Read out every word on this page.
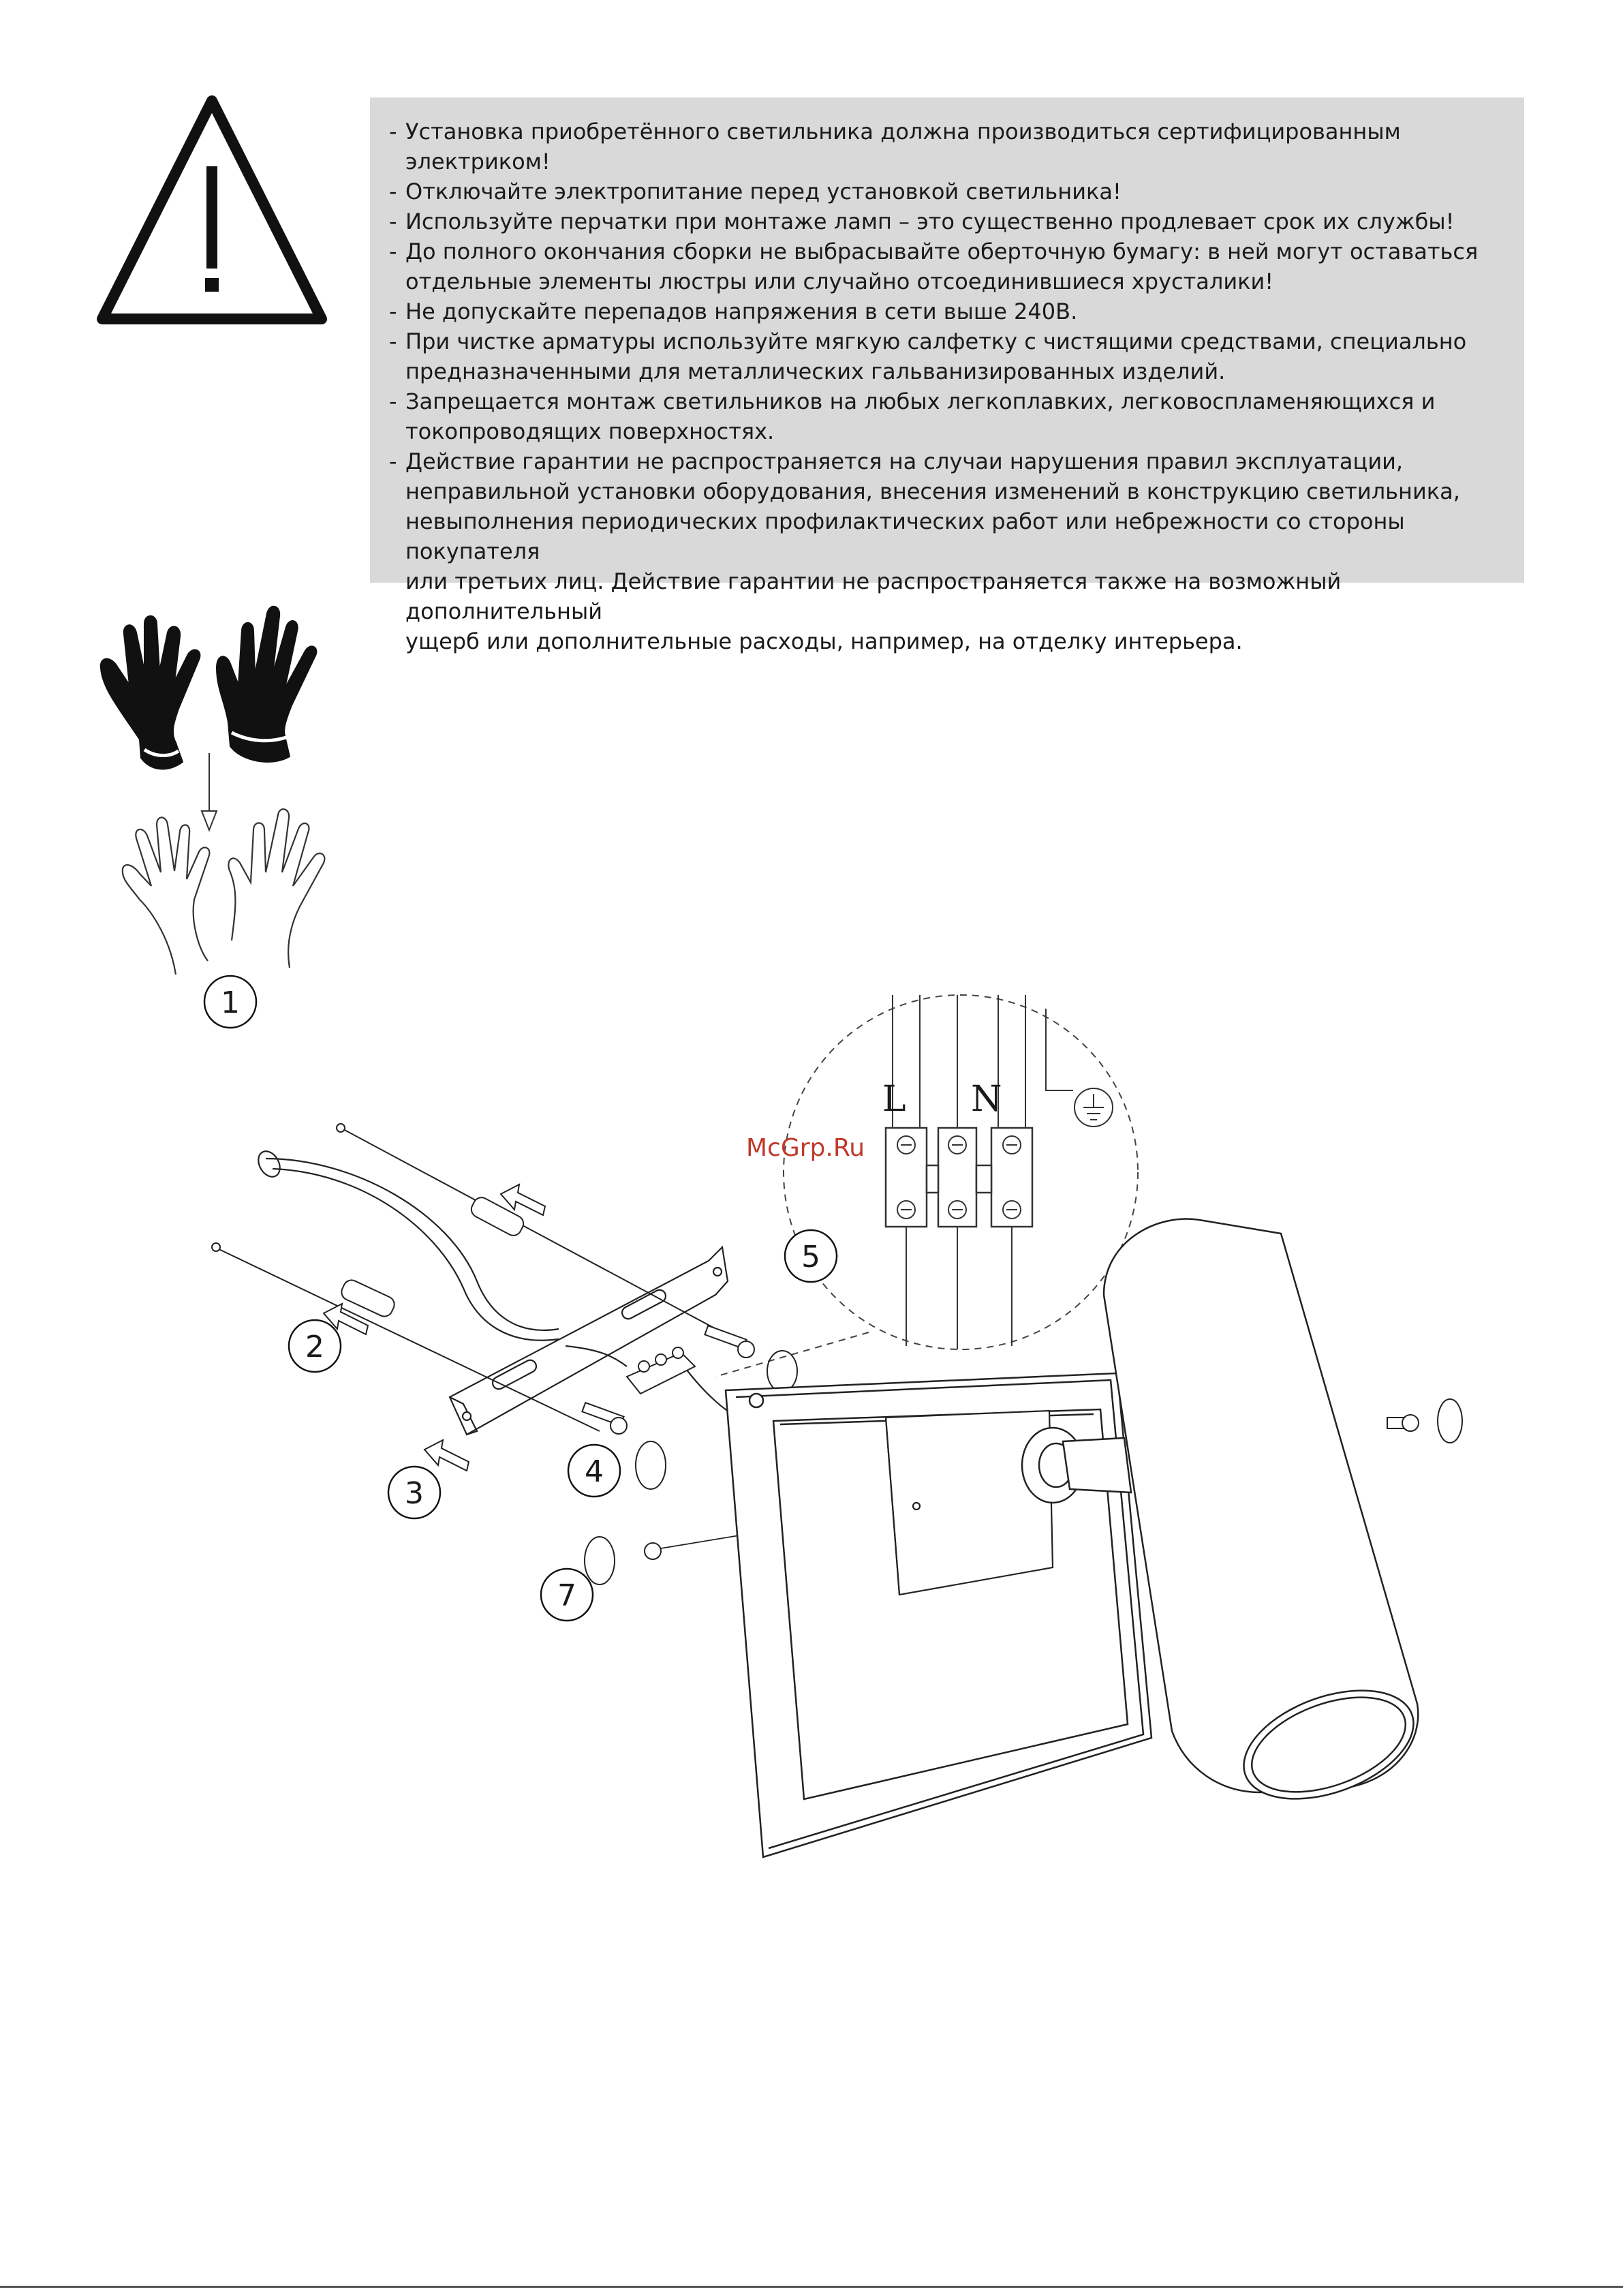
- Установка приобретённого светильника должна производиться сертифицированным электриком!
- Отключайте электропитание перед установкой светильника!
- Используйте перчатки при монтаже ламп – это существенно продлевает срок их службы!
- До полного окончания сборки не выбрасывайте оберточную бумагу: в ней могут оставаться
отдельные элементы люстры или случайно отсоединившиеся хрусталики!
- Не допускайте перепадов напряжения в сети выше 240В.
- При чистке арматуры используйте мягкую салфетку с чистящими средствами, специально
предназначенными для металлических гальванизированных изделий.
- Запрещается монтаж светильников на любых легкоплавких, легковоспламеняющихся и
токопроводящих поверхностях.
- Действие гарантии не распространяется на случаи нарушения правил эксплуатации,
неправильной установки оборудования, внесения изменений в конструкцию светильника,
невыполнения периодических профилактических работ или небрежности со стороны покупателя
или третьих лиц. Действие гарантии не распространяется также на возможный дополнительный
ущерб или дополнительные расходы, например, на отделку интерьера.
1
L N
McGrp.Ru
2
3
4
5
7
